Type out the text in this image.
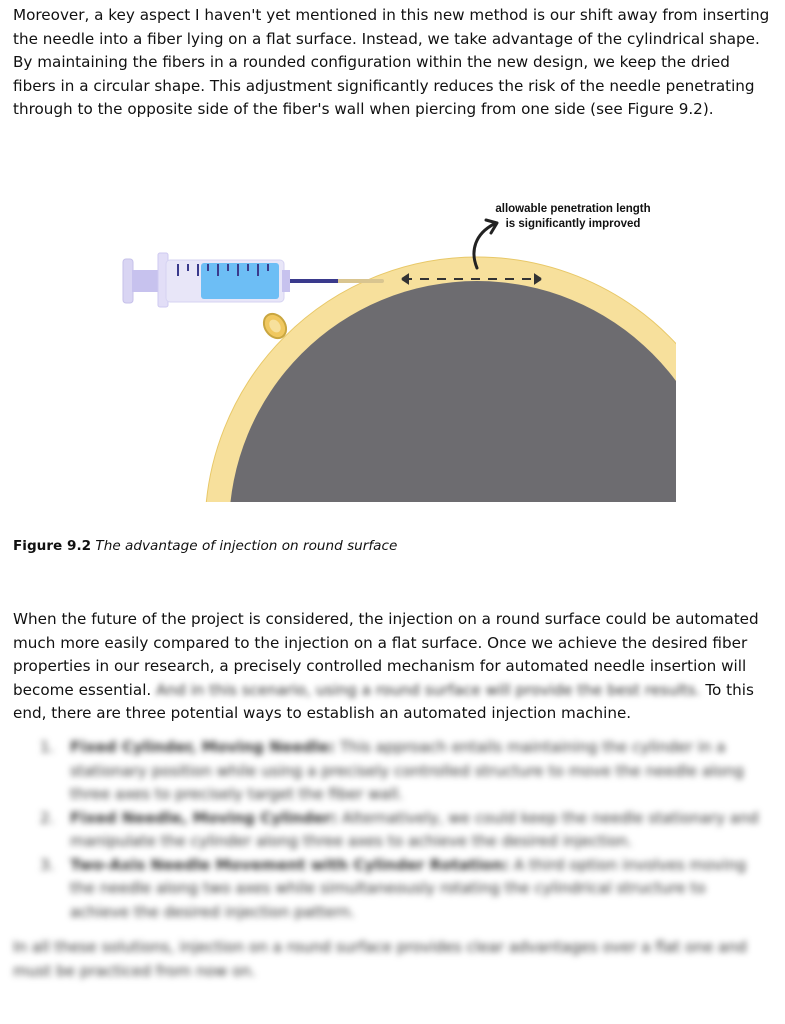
Moreover, a key aspect I haven't yet mentioned in this new method is our shift away from inserting the needle into a fiber lying on a flat surface. Instead, we take advantage of the cylindrical shape. By maintaining the fibers in a rounded configuration within the new design, we keep the dried fibers in a circular shape. This adjustment significantly reduces the risk of the needle penetrating through to the opposite side of the fiber's wall when piercing from one side (see Figure 9.2).

allowable penetration length
is significantly improved
Figure 9.2 The advantage of injection on round surface

When the future of the project is considered, the injection on a round surface could be automated much more easily compared to the injection on a flat surface. Once we achieve the desired fiber properties in our research, a precisely controlled mechanism for automated needle insertion will become essential. And in this scenario, using a round surface will provide the best results. To this end, there are three potential ways to establish an automated injection machine.

1.	Fixed Cylinder, Moving Needle: This approach entails maintaining the cylinder in a stationary position while using a precisely controlled structure to move the needle along three axes to precisely target the fiber wall.
2.	Fixed Needle, Moving Cylinder: Alternatively, we could keep the needle stationary and manipulate the cylinder along three axes to achieve the desired injection.
3.	Two-Axis Needle Movement with Cylinder Rotation: A third option involves moving the needle along two axes while simultaneously rotating the cylindrical structure to achieve the desired injection pattern.

In all these solutions, injection on a round surface provides clear advantages over a flat one and must be practiced from now on.
